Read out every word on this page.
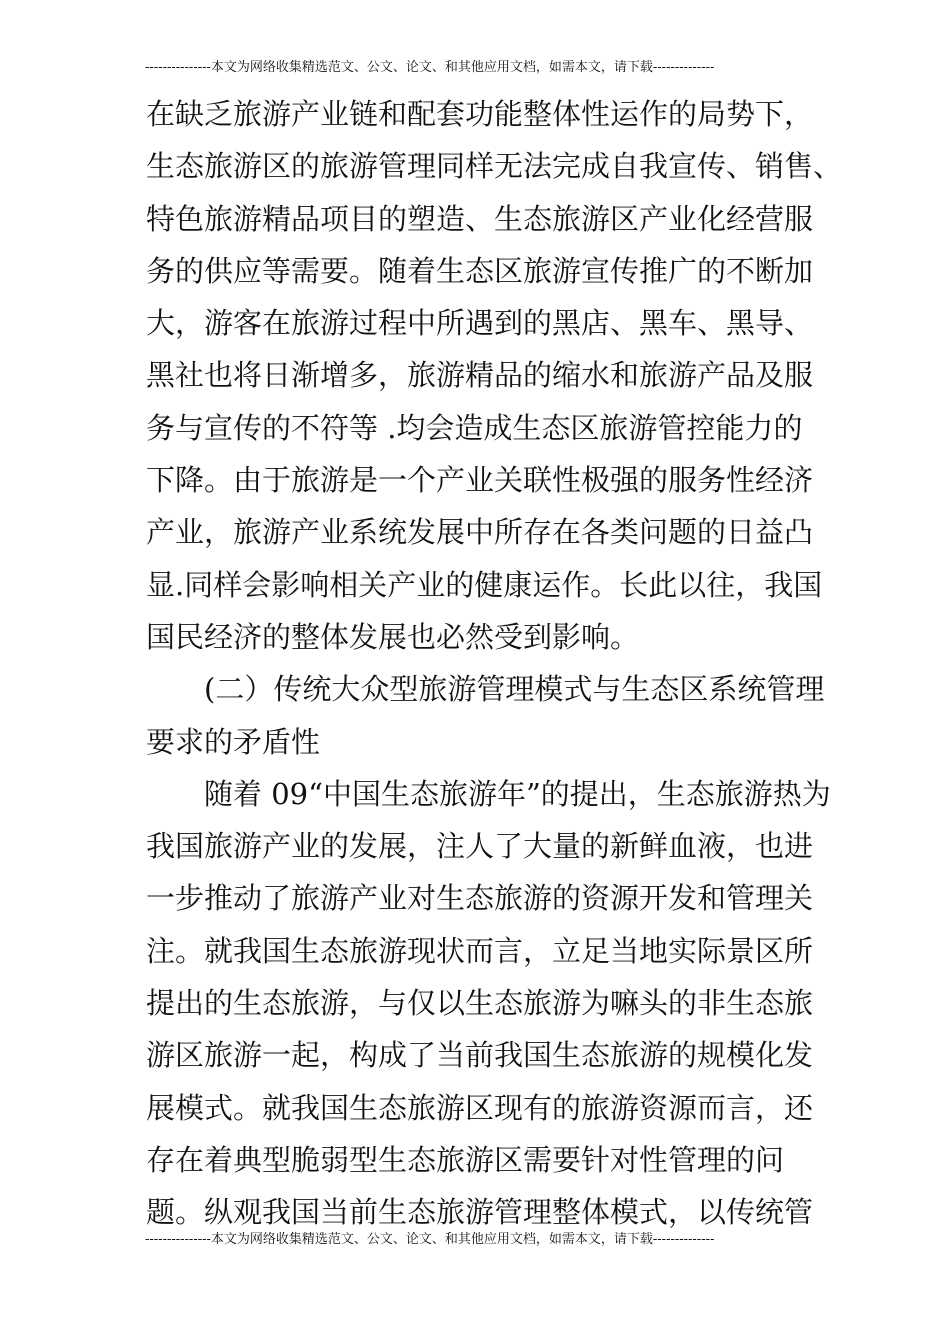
---------------本文为网络收集精选范文、公文、论文、和其他应用文档，如需本文，请下载--------------
在缺乏旅游产业链和配套功能整体性运作的局势下，
生态旅游区的旅游管理同样无法完成自我宣传、销售、
特色旅游精品项目的塑造、生态旅游区产业化经营服
务的供应等需要。随着生态区旅游宣传推广的不断加
大，游客在旅游过程中所遇到的黑店、黑车、黑导、
黑社也将日渐增多，旅游精品的缩水和旅游产品及服
务与宣传的不符等 .均会造成生态区旅游管控能力的
下降。由于旅游是一个产业关联性极强的服务性经济
产业，旅游产业系统发展中所存在各类问题的日益凸
显.同样会影响相关产业的健康运作。长此以往，我国
国民经济的整体发展也必然受到影响。
(二）传统大众型旅游管理模式与生态区系统管理
要求的矛盾性
随着 09“中国生态旅游年”的提出，生态旅游热为
我国旅游产业的发展，注人了大量的新鲜血液，也进
一步推动了旅游产业对生态旅游的资源开发和管理关
注。就我国生态旅游现状而言，立足当地实际景区所
提出的生态旅游，与仅以生态旅游为嘛头的非生态旅
游区旅游一起，构成了当前我国生态旅游的规模化发
展模式。就我国生态旅游区现有的旅游资源而言，还
存在着典型脆弱型生态旅游区需要针对性管理的问
题。纵观我国当前生态旅游管理整体模式，以传统管
---------------本文为网络收集精选范文、公文、论文、和其他应用文档，如需本文，请下载--------------
